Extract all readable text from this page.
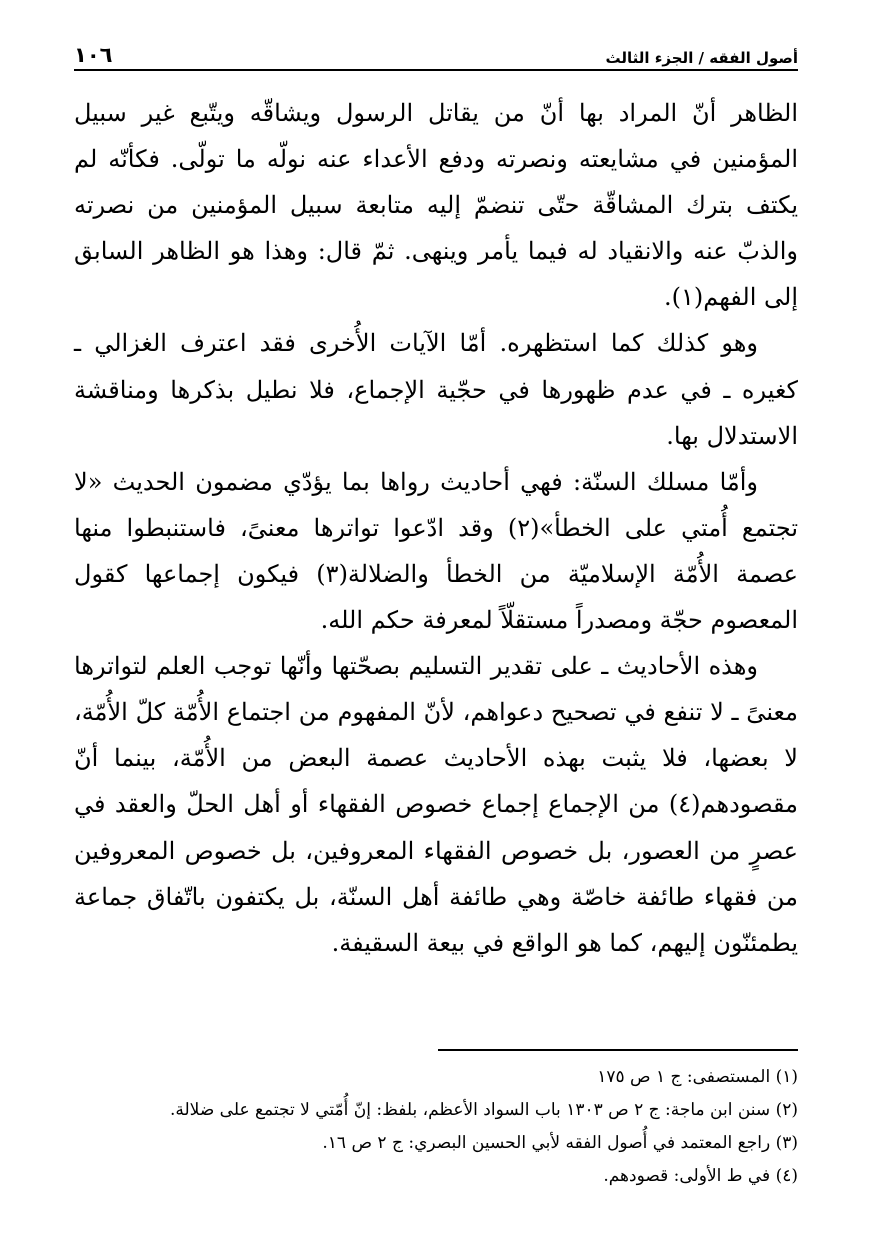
أصول الفقه / الجزء الثالث
١٠٦

الظاهر أنّ المراد بها أنّ من يقاتل الرسول ويشاقّه ويتّبع غير سبيل المؤمنين في مشايعته ونصرته ودفع الأعداء عنه نولّه ما تولّى. فكأنّه لم يكتف بترك المشاقّة حتّى تنضمّ إليه متابعة سبيل المؤمنين من نصرته والذبّ عنه والانقياد له فيما يأمر وينهى. ثمّ قال: وهذا هو الظاهر السابق إلى الفهم(١).

وهو كذلك كما استظهره. أمّا الآيات الأُخرى فقد اعترف الغزالي ـ كغيره ـ في عدم ظهورها في حجّية الإجماع، فلا نطيل بذكرها ومناقشة الاستدلال بها.

وأمّا مسلك السنّة: فهي أحاديث رواها بما يؤدّي مضمون الحديث «لا تجتمع أُمتي على الخطأ»(٢) وقد ادّعوا تواترها معنىً، فاستنبطوا منها عصمة الأُمّة الإسلاميّة من الخطأ والضلالة(٣) فيكون إجماعها كقول المعصوم حجّة ومصدراً مستقلّاً لمعرفة حكم الله.

وهذه الأحاديث ـ على تقدير التسليم بصحّتها وأنّها توجب العلم لتواترها معنىً ـ لا تنفع في تصحيح دعواهم، لأنّ المفهوم من اجتماع الأُمّة كلّ الأُمّة، لا بعضها، فلا يثبت بهذه الأحاديث عصمة البعض من الأُمّة، بينما أنّ مقصودهم(٤) من الإجماع إجماع خصوص الفقهاء أو أهل الحلّ والعقد في عصرٍ من العصور، بل خصوص الفقهاء المعروفين، بل خصوص المعروفين من فقهاء طائفة خاصّة وهي طائفة أهل السنّة، بل يكتفون باتّفاق جماعة يطمئنّون إليهم، كما هو الواقع في بيعة السقيفة.

(١) المستصفى: ج ١ ص ١٧٥

(٢) سنن ابن ماجة: ج ٢ ص ١٣٠٣ باب السواد الأعظم، بلفظ: إنّ أُمّتي لا تجتمع على ضلالة.

(٣) راجع المعتمد في أُصول الفقه لأبي الحسين البصري: ج ٢ ص ١٦.

(٤) في ط الأولى: قصودهم.
